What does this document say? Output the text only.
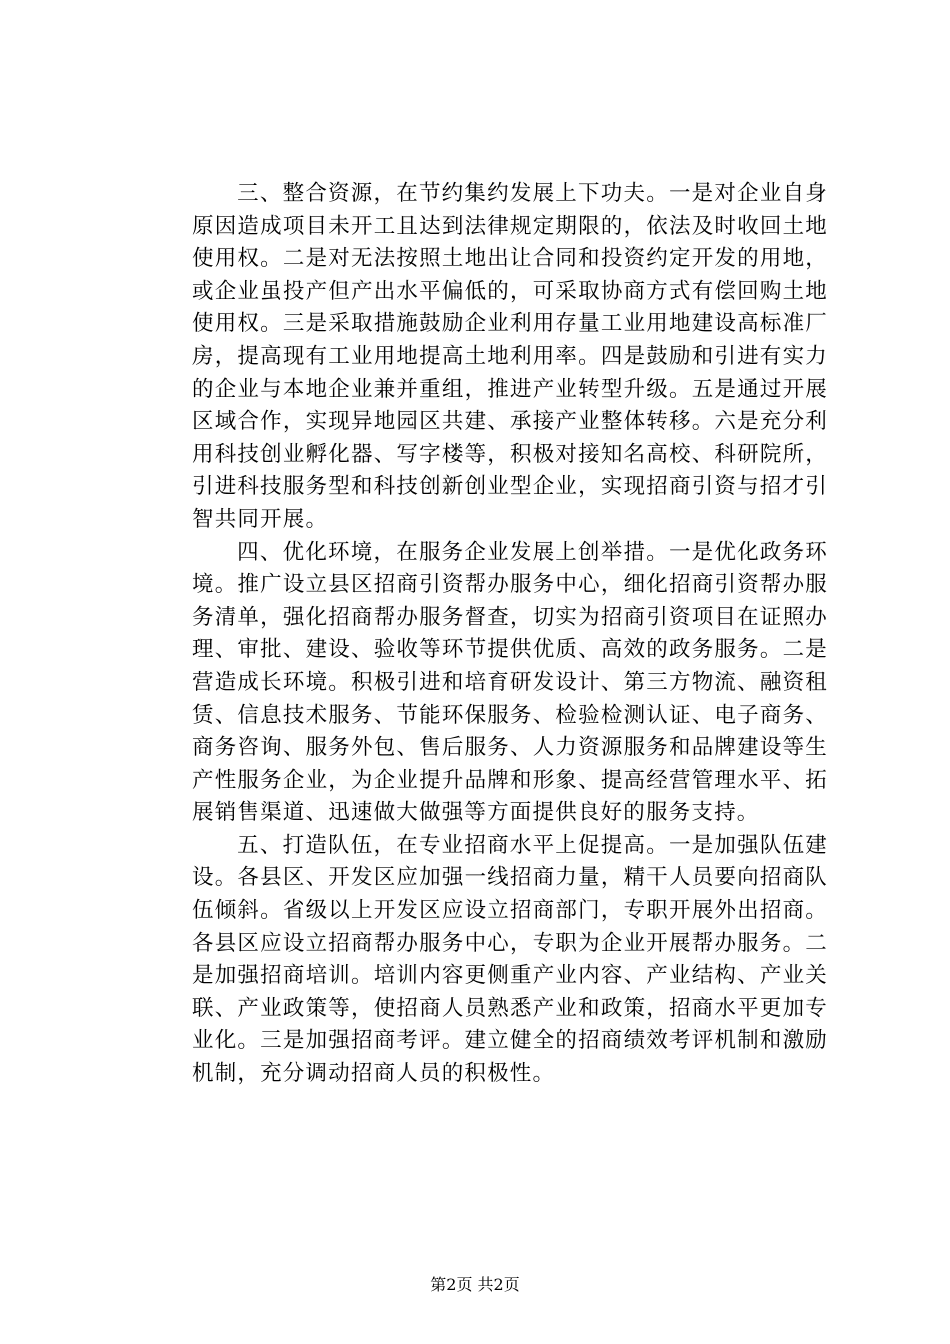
三、整合资源，在节约集约发展上下功夫。一是对企业自身原因造成项目未开工且达到法律规定期限的，依法及时收回土地使用权。二是对无法按照土地出让合同和投资约定开发的用地，或企业虽投产但产出水平偏低的，可采取协商方式有偿回购土地使用权。三是采取措施鼓励企业利用存量工业用地建设高标准厂房，提高现有工业用地提高土地利用率。四是鼓励和引进有实力的企业与本地企业兼并重组，推进产业转型升级。五是通过开展区域合作，实现异地园区共建、承接产业整体转移。六是充分利用科技创业孵化器、写字楼等，积极对接知名高校、科研院所，引进科技服务型和科技创新创业型企业，实现招商引资与招才引智共同开展。

四、优化环境，在服务企业发展上创举措。一是优化政务环境。推广设立县区招商引资帮办服务中心，细化招商引资帮办服务清单，强化招商帮办服务督查，切实为招商引资项目在证照办理、审批、建设、验收等环节提供优质、高效的政务服务。二是营造成长环境。积极引进和培育研发设计、第三方物流、融资租赁、信息技术服务、节能环保服务、检验检测认证、电子商务、商务咨询、服务外包、售后服务、人力资源服务和品牌建设等生产性服务企业，为企业提升品牌和形象、提高经营管理水平、拓展销售渠道、迅速做大做强等方面提供良好的服务支持。

五、打造队伍，在专业招商水平上促提高。一是加强队伍建设。各县区、开发区应加强一线招商力量，精干人员要向招商队伍倾斜。省级以上开发区应设立招商部门，专职开展外出招商。各县区应设立招商帮办服务中心，专职为企业开展帮办服务。二是加强招商培训。培训内容更侧重产业内容、产业结构、产业关联、产业政策等，使招商人员熟悉产业和政策，招商水平更加专业化。三是加强招商考评。建立健全的招商绩效考评机制和激励机制，充分调动招商人员的积极性。

第2页 共2页
